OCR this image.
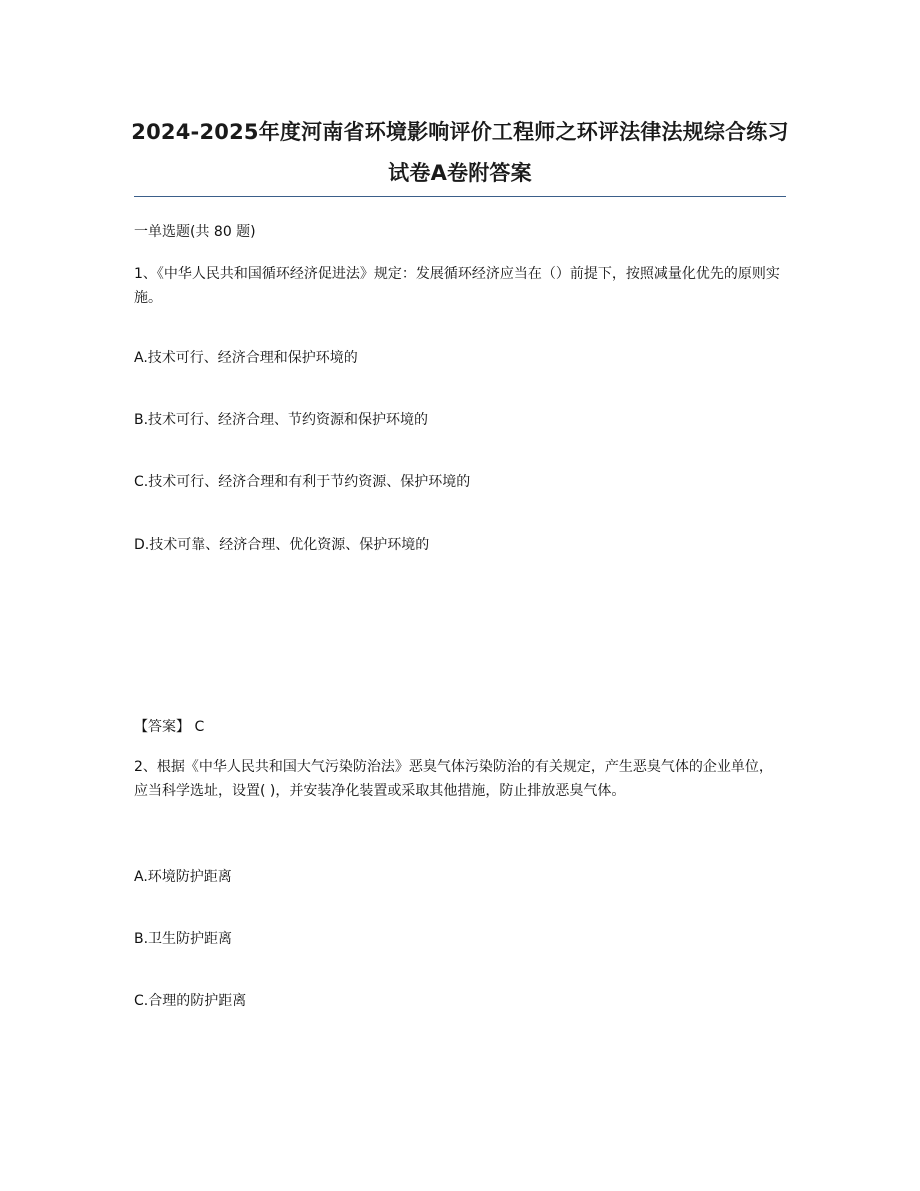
2024-2025年度河南省环境影响评价工程师之环评法律法规综合练习试卷A卷附答案
一单选题(共 80 题)
1、《中华人民共和国循环经济促进法》规定：发展循环经济应当在（）前提下，按照减量化优先的原则实施。
A.技术可行、经济合理和保护环境的
B.技术可行、经济合理、节约资源和保护环境的
C.技术可行、经济合理和有利于节约资源、保护环境的
D.技术可靠、经济合理、优化资源、保护环境的
【答案】 C
2、根据《中华人民共和国大气污染防治法》恶臭气体污染防治的有关规定，产生恶臭气体的企业单位，应当科学选址，设置( )，并安装净化装置或采取其他措施，防止排放恶臭气体。
A.环境防护距离
B.卫生防护距离
C.合理的防护距离
